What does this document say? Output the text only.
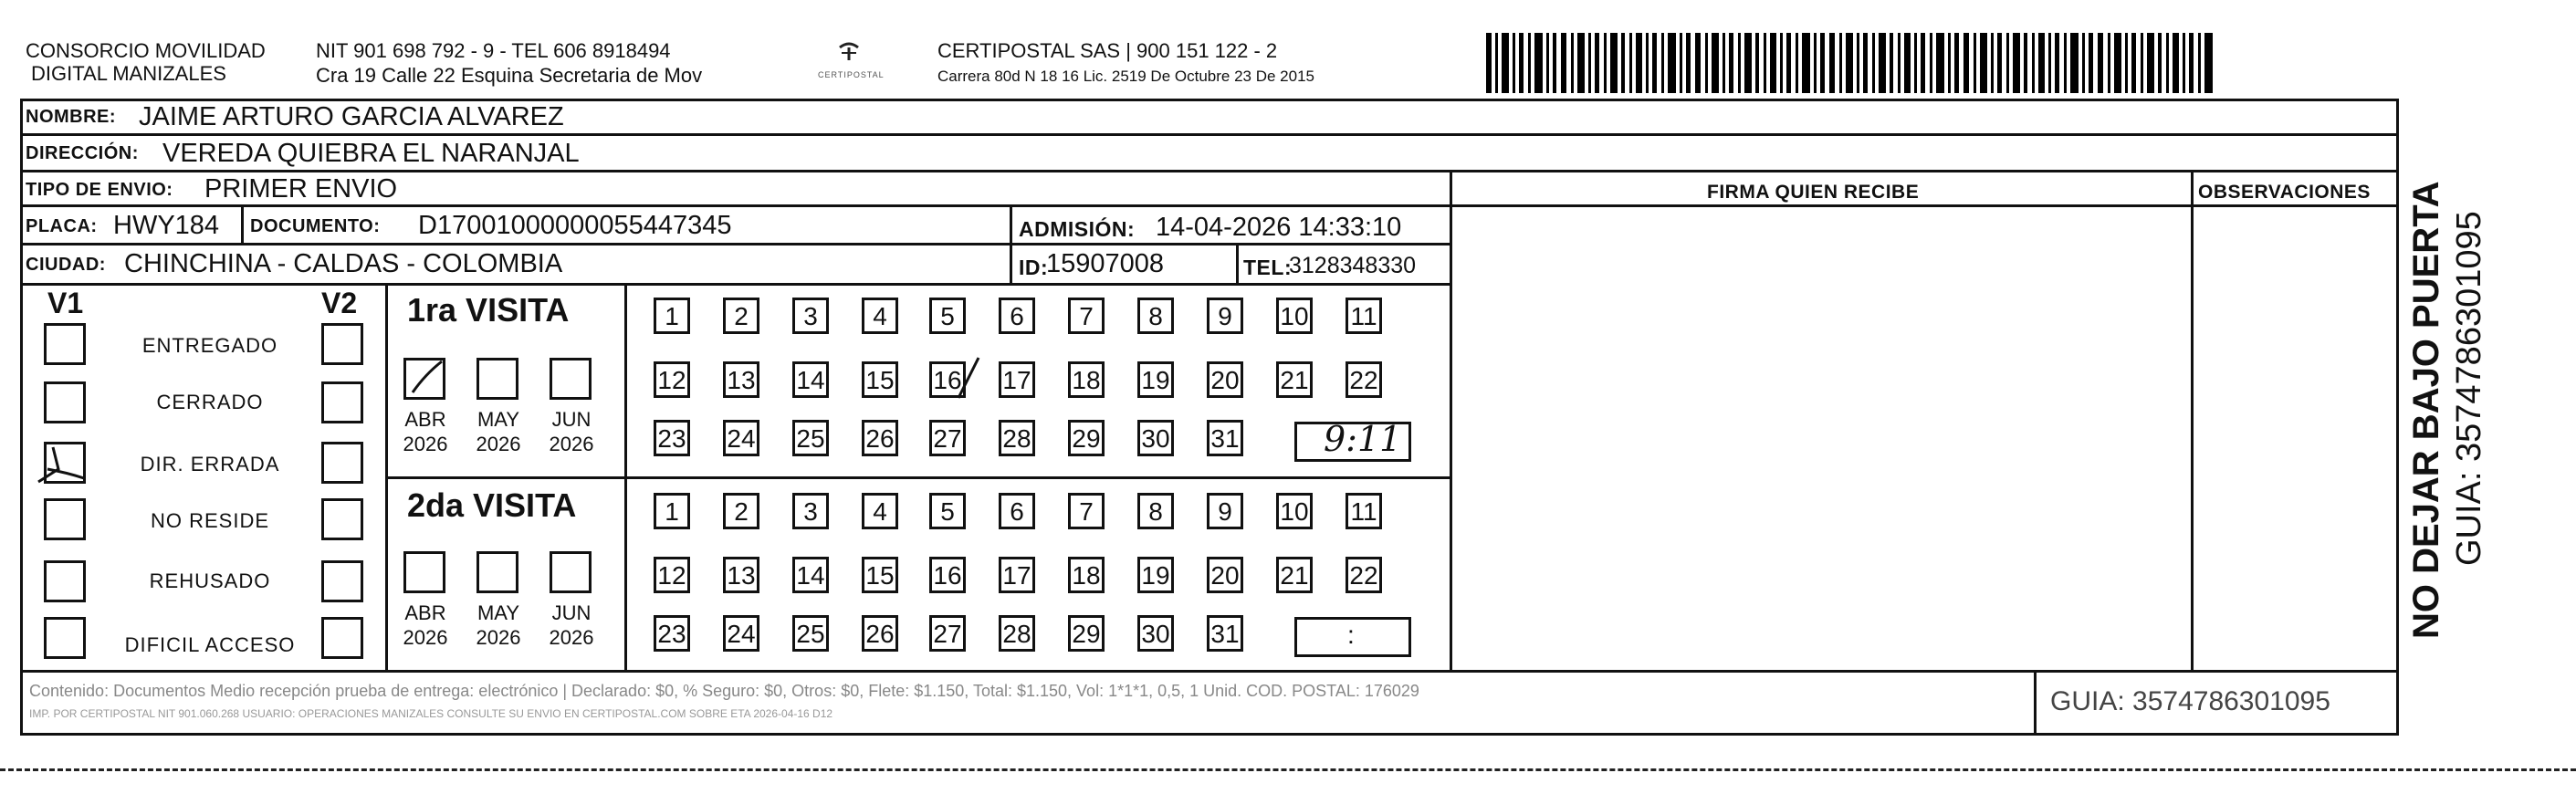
CONSORCIO MOVILIDAD
DIGITAL MANIZALES
NIT 901 698 792 - 9 - TEL 606 8918494
Cra 19 Calle 22 Esquina Secretaria de Mov	CERTIPOSTAL
CERTIPOSTAL SAS | 900 151 122 - 2
Carrera 80d N 18 16 Lic. 2519 De Octubre 23 De 2015
NOMBRE: JAIME ARTURO GARCIA ALVAREZ
DIRECCIÓN: VEREDA QUIEBRA EL NARANJAL
TIPO DE ENVIO: PRIMER ENVIO	FIRMA QUIEN RECIBE	OBSERVACIONES
PLACA: HWY184 DOCUMENTO: D17001000000055447345	ADMISIÓN: 14-04-2026 14:33:10
CIUDAD: CHINCHINA - CALDAS - COLOMBIA	ID:
15907008	TEL:
3128348330
V1	V2
ENTREGADO
CERRADO
DIR. ERRADA
NO RESIDE
REHUSADO
DIFICIL ACCESO
1ra VISITA
2da VISITA
ABR
2026
MAY
2026
JUN
2026
ABR
2026
MAY
2026
JUN
2026
1	2	3	4	5	6	7	8	9	10 11
12 13 14 15 16 17 18 19 20 21 22
23 24 25 26 27 28 29 30 31
1	2	3	4	5	6	7	8	9	10 11
12 13 14 15 16 17 18 19 20 21 22
23 24 25 26 27 28 29 30 31
9:11
:
Contenido: Documentos Medio recepción prueba de entrega: electrónico | Declarado: $0, % Seguro: $0, Otros: $0, Flete: $1.150, Total: $1.150, Vol: 1*1*1, 0,5, 1 Unid. COD. POSTAL: 176029
IMP. POR CERTIPOSTAL NIT 901.060.268 USUARIO: OPERACIONES MANIZALES CONSULTE SU ENVIO EN CERTIPOSTAL.COM SOBRE ETA 2026-04-16 D12	GUIA: 3574786301095
NO DEJAR BAJO PUERTA GUIA: 3574786301095
